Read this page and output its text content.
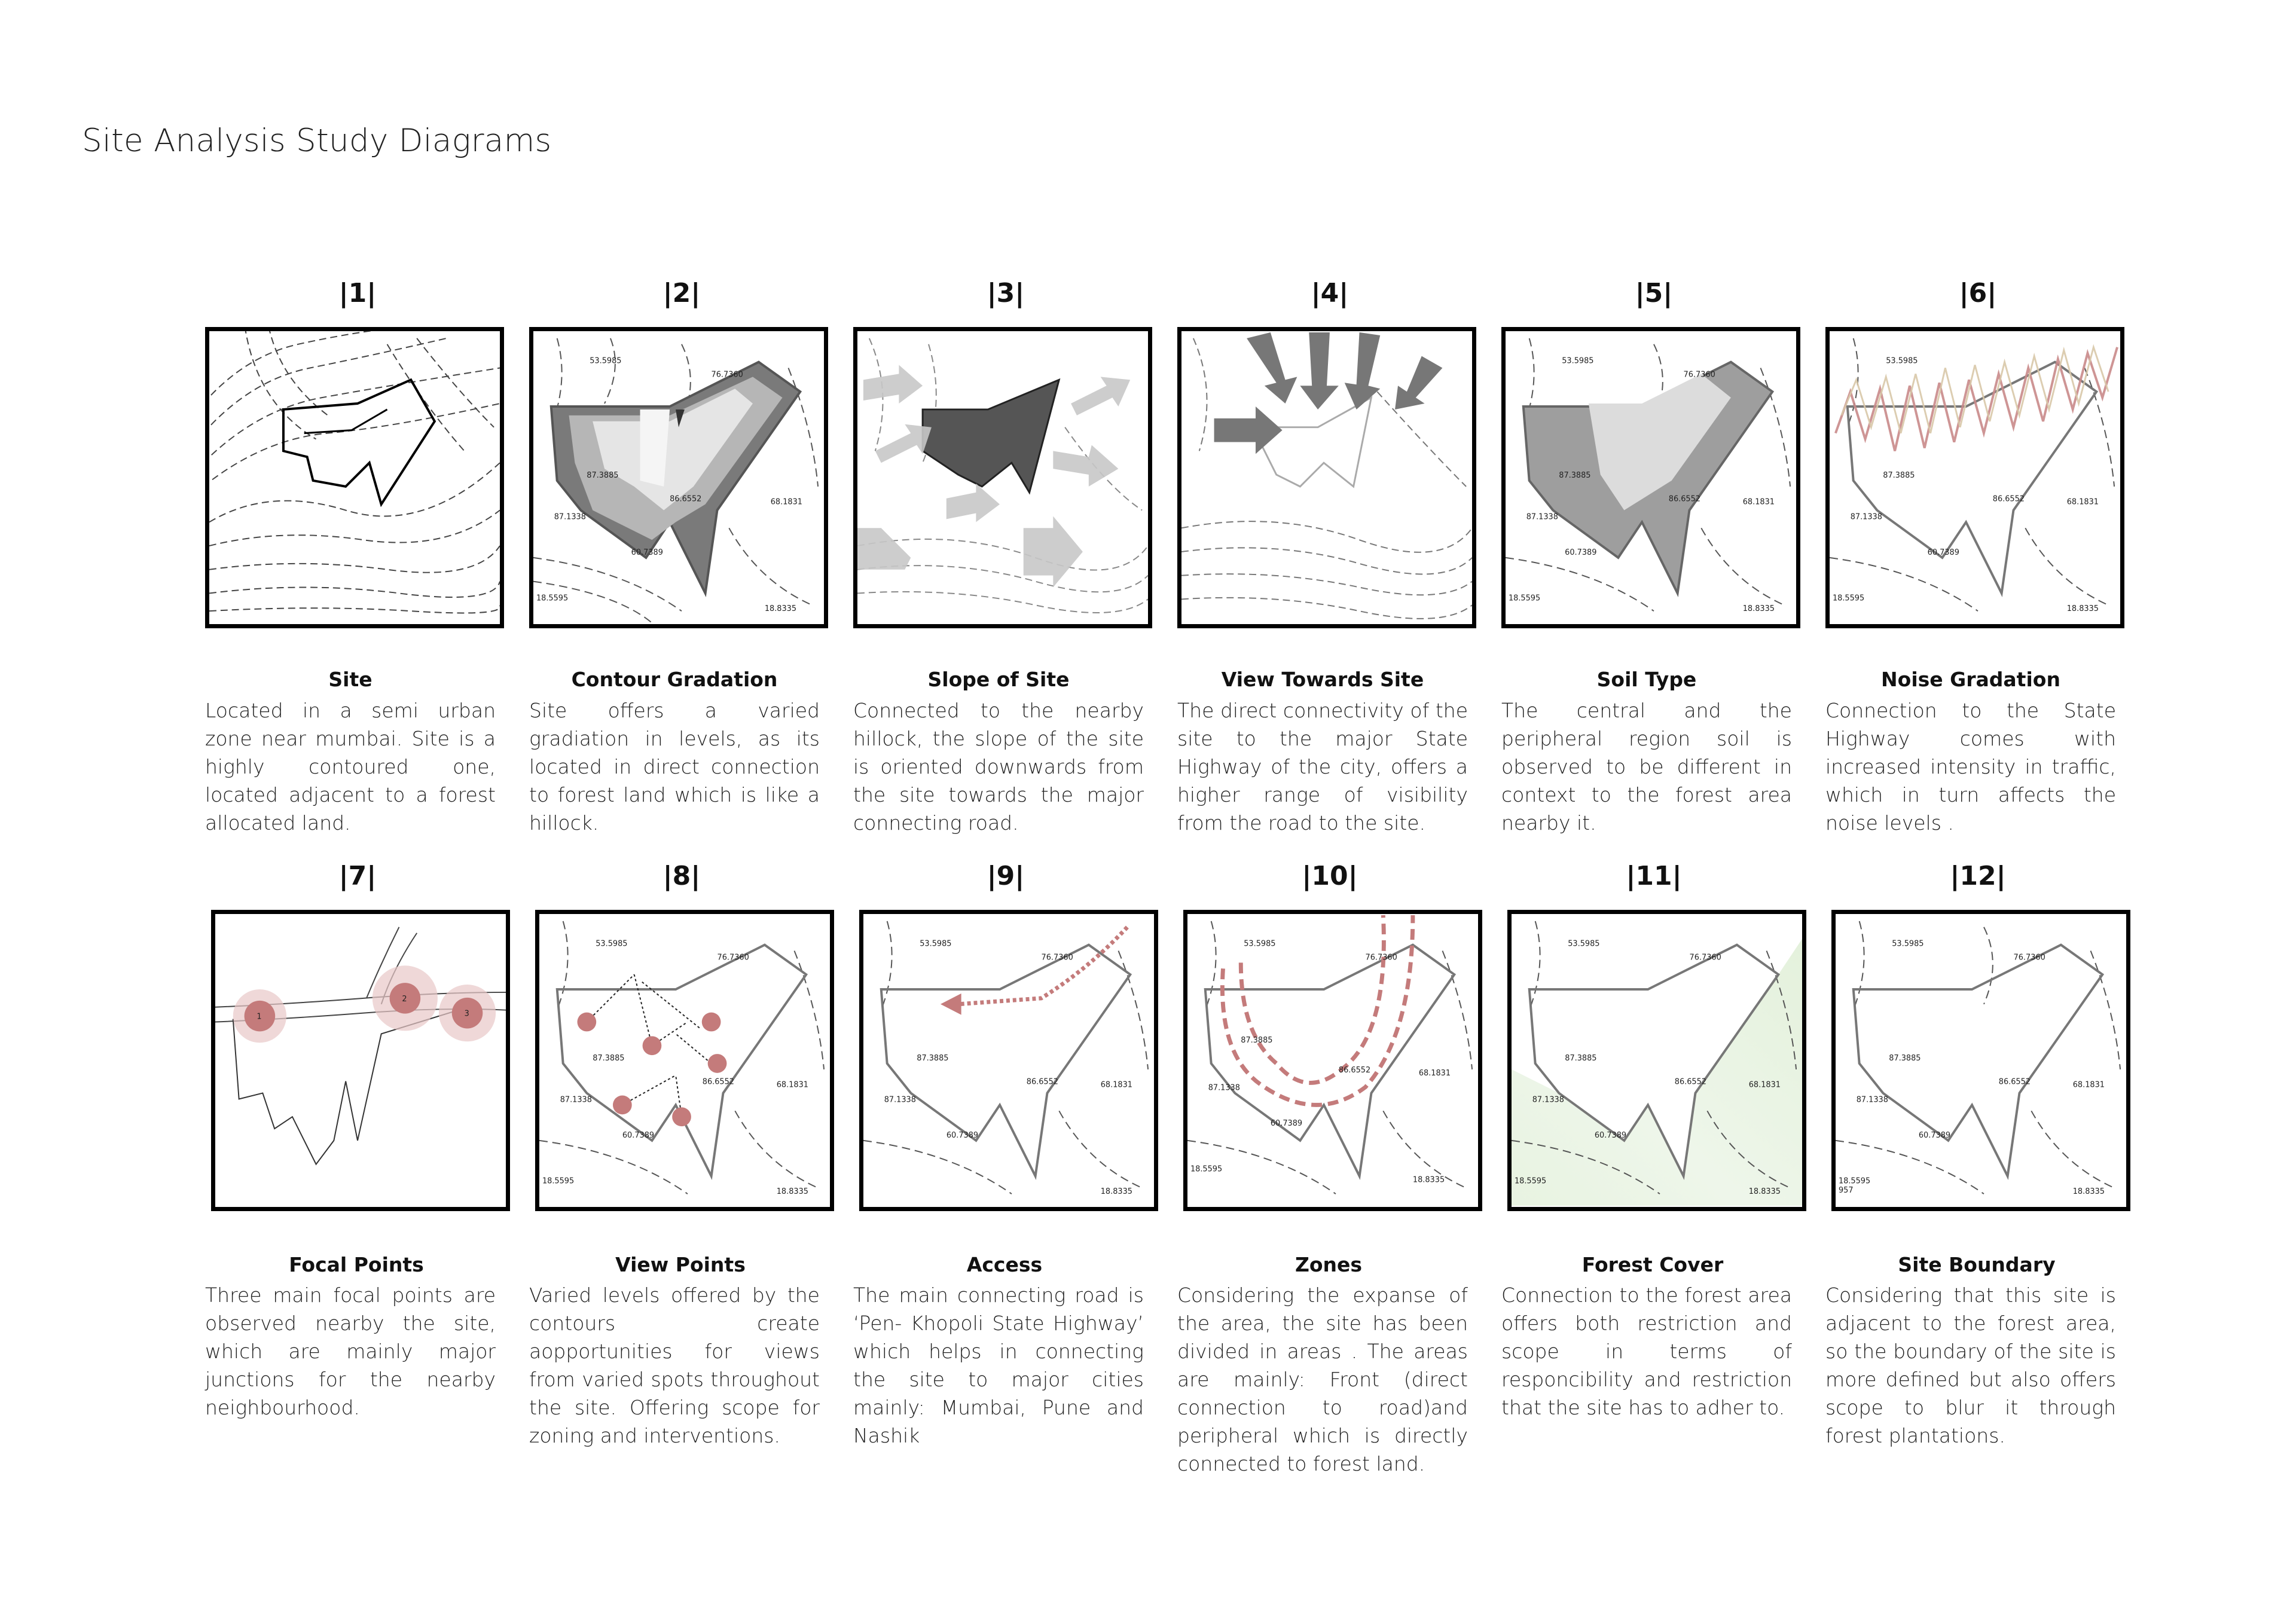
Site Analysis Study Diagrams
|1|
Site
Located in a semi urban zone near mumbai. Site is a highly contoured one, located adjacent to a forest allocated land.
|2|
53.5985
76.7360
87.3885
86.6552	68.1831
87.1338
60.7389
18.8335
18.5595
Contour Gradation
Site offers a varied gradiation in levels, as its located in direct connection to forest land which is like a hillock.
|3|
Slope of Site
Connected to the nearby hillock, the slope of the site is oriented downwards from the site towards the major connecting road.
|4|
View Towards Site
The direct connectivity of the site to the major State Highway of the city, offers a higher range of visibility from the road to the site.
|5|
53.5985
76.7360
87.3885
86.6552	68.1831
87.1338
60.7389
18.8335
18.5595
Soil Type
The central and the peripheral region soil is observed to be different in context to the forest area nearby it.
|6|
53.5985
87.3885
86.6552	68.1831
87.1338
60.7389
18.8335
18.5595
Noise Gradation
Connection to the State Highway comes with increased intensity in traffic, which in turn affects the noise levels .
|7|
1
2
3
Focal Points
Three main focal points are observed nearby the site, which are mainly major junctions for the nearby neighbourhood.
|8|
53.5985
76.7360
87.3885
86.6552	68.1831
87.1338
60.7389
18.8335
18.5595
View Points
Varied levels offered by the contours create aopportunities for views from varied spots throughout the site. Offering scope for zoning and interventions.
|9|
53.5985
76.7360
87.3885
86.6552	68.1831
87.1338
60.7389
18.8335
Access
The main connecting road is ‘Pen- Khopoli State Highway’ which helps in connecting the site to major cities mainly: Mumbai, Pune and Nashik
|10|
53.5985
76.7360
87.3885
86.6552	68.1831
87.1338
60.7389
18.8335
18.5595
Zones
Considering the expanse of the area, the site has been divided in areas . The areas are mainly: Front (direct connection to road)and peripheral which is directly connected to forest land.
|11|
53.5985
76.7360
87.3885
86.6552	68.1831
87.1338
60.7389
18.8335
18.5595
Forest Cover
Connection to the forest area offers both restriction and scope in terms of responcibility and restriction that the site has to adher to.
|12|
53.5985
76.7360
87.3885
86.6552	68.1831
87.1338
60.7389
18.8335
18.5595
957
Site Boundary
Considering that this site is adjacent to the forest area, so the boundary of the site is more defined but also offers scope to blur it through forest plantations.
